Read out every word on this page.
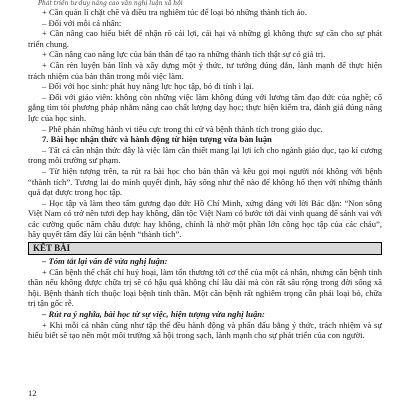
Phát triển tư duy nâng cao văn nghị luận xã hội

+ Cần quản lí chặt chẽ và điều tra nghiêm túc để loại bỏ những thành tích ảo.

– Đối với mỗi cá nhân:

+ Cần nâng cao hiểu biết để nhận rõ cái lợi, cái hại và những gì không thực sự cần cho sự phát triển chung.

+ Cần nâng cao năng lực của bản thân để tạo ra những thành tích thật sự có giá trị.

+ Cần rèn luyện bản lĩnh và xây dựng một ý thức, tư tưởng đúng đắn, lành mạnh để thực hiện trách nhiệm của bản thân trong mỗi việc làm.

– Đối với học sinh: phát huy năng lực học tập, bỏ đi tính ì lại.

– Đối với giáo viên: không còn những việc làm không đúng với lương tâm đạo đức của nghề; cố gắng tìm tòi phương pháp nhằm nâng cao chất lượng dạy học; thực hiện kiểm tra, đánh giá đúng năng lực của học sinh.

– Phê phán những hành vi tiêu cực trong thi cử và bệnh thành tích trong giáo dục.

7. Bài học nhận thức và hành động từ hiện tượng vừa bàn luận

– Tất cả cần nhận thức đây là việc làm cần thiết mang lại lợi ích cho ngành giáo dục, tạo kỉ cương trong môi trường sư phạm.

– Từ hiện tượng trên, ta rút ra bài học cho bản thân và kêu gọi mọi người nói không với bệnh “thành tích”. Tương lai do mình quyết định, hãy sống như thế nào để không hổ thẹn với những thành quả đạt được trong học tập.

– Học tập và làm theo tấm gương đạo đức Hồ Chí Minh, xứng đáng với lời Bác dặn: “Non sông Việt Nam có trở nên tươi đẹp hay không, dân tộc Việt Nam có bước tới đài vinh quang để sánh vai với các cường quốc năm châu được hay không, chính là nhờ một phần lớn công học tập của các cháu”, hãy quyết tâm đẩy lùi căn bệnh “thành tích”.

KẾT BÀI

– Tóm tắt lại vấn đề vừa nghị luận:

+ Căn bệnh thể chất chỉ huỷ hoại, làm tổn thương tới cơ thể của một cá nhân, nhưng căn bệnh tinh thần nếu không được chữa trị sẽ có hậu quả không chỉ lâu dài mà còn rất sâu rộng trong đời sống xã hội. Bệnh thành tích thuộc loại bệnh tinh thần. Một căn bệnh rất nghiêm trọng cần phải loại bỏ, chữa trị tận gốc rễ.

– Rút ra ý nghĩa, bài học từ sự việc, hiện tượng vừa nghị luận:

+ Khi mỗi cá nhân cũng như tập thể đều hành động và phấn đấu bằng ý thức, trách nhiệm và sự hiểu biết sẽ tạo nên một môi trường xã hội trong sạch, lành mạnh cho sự phát triển của con người.

12
